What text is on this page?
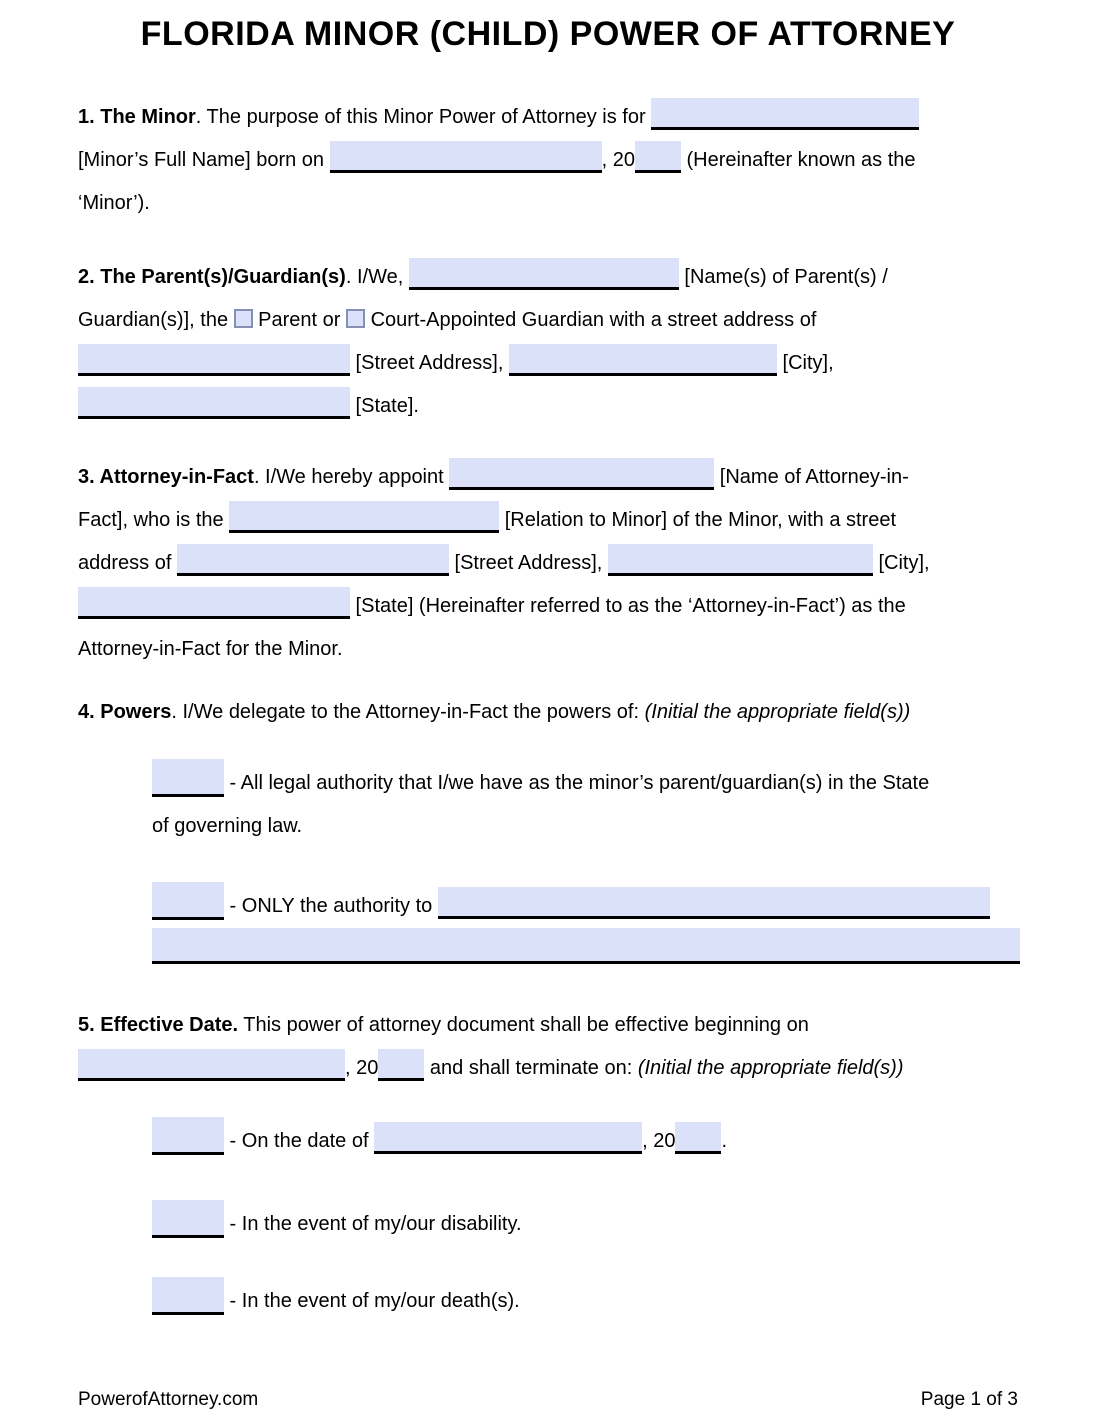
FLORIDA MINOR (CHILD) POWER OF ATTORNEY
1. The Minor. The purpose of this Minor Power of Attorney is for
[Minor’s Full Name] born on	, 20 (Hereinafter known as the
‘Minor’).
2. The Parent(s)/Guardian(s). I/We,	[Name(s) of Parent(s) /
Guardian(s)], the  Parent or  Court-Appointed Guardian with a street address of
[Street Address],	[City],
[State].
3. Attorney-in-Fact. I/We hereby appoint	[Name of Attorney-in-
Fact], who is the	[Relation to Minor] of the Minor, with a street
address of	[Street Address],	[City],
[State] (Hereinafter referred to as the ‘Attorney-in-Fact’) as the
Attorney-in-Fact for the Minor.
4. Powers. I/We delegate to the Attorney-in-Fact the powers of: (Initial the appropriate field(s))
- All legal authority that I/we have as the minor’s parent/guardian(s) in the State
of governing law.
- ONLY the authority to
5. Effective Date. This power of attorney document shall be effective beginning on
, 20 and shall terminate on: (Initial the appropriate field(s))
- On the date of	, 20 .
- In the event of my/our disability.
- In the event of my/our death(s).
PowerofAttorney.com	Page 1 of 3
